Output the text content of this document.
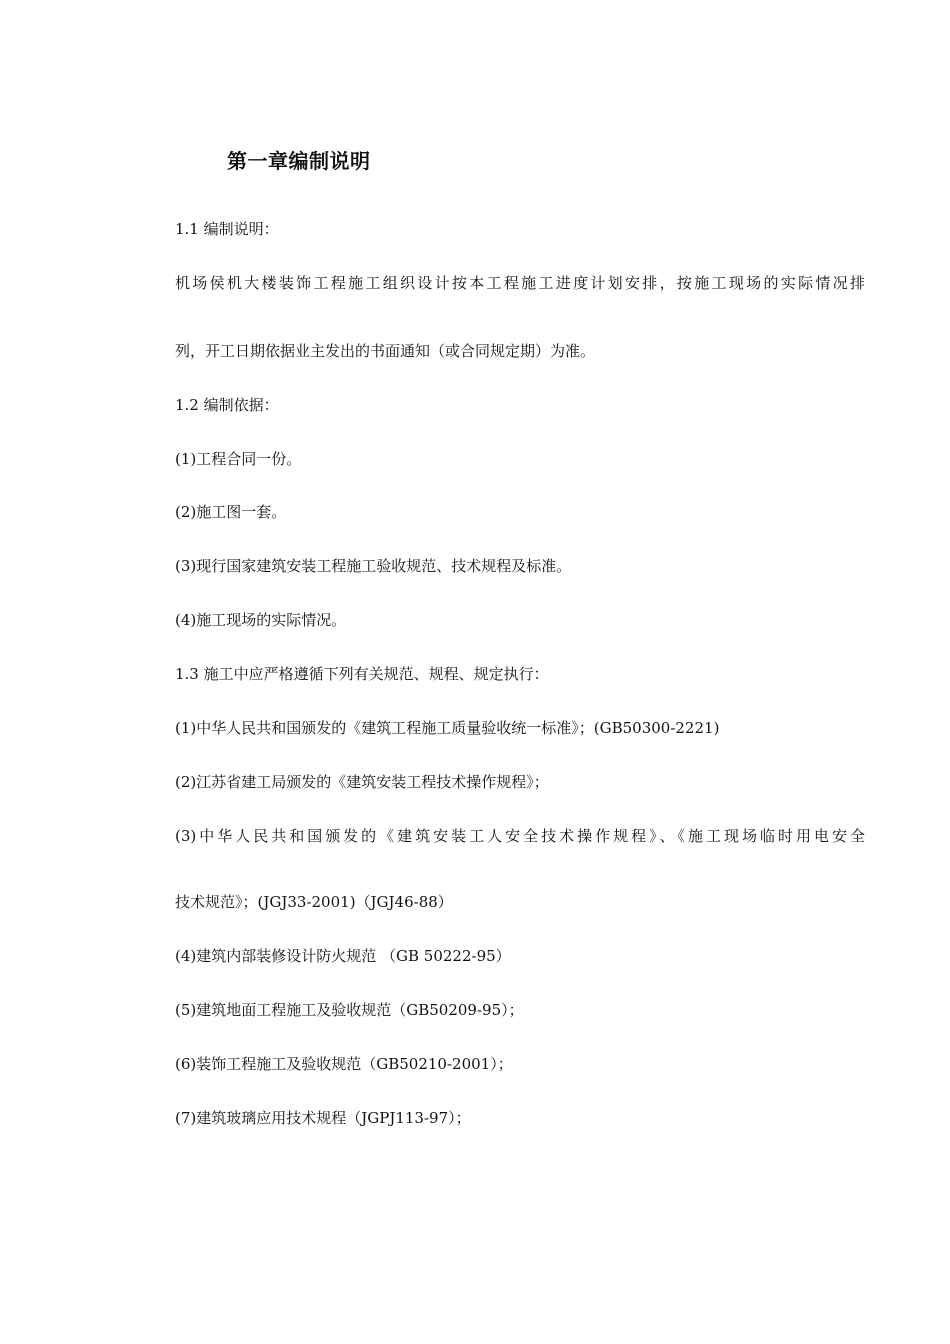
第一章编制说明

1.1 编制说明：

机场侯机大楼装饰工程施工组织设计按本工程施工进度计划安排，按施工现场的实际情况排

列，开工日期依据业主发出的书面通知（或合同规定期）为准。

1.2 编制依据：

(1)工程合同一份。

(2)施工图一套。

(3)现行国家建筑安装工程施工验收规范、技术规程及标准。

(4)施工现场的实际情况。

1.3 施工中应严格遵循下列有关规范、规程、规定执行：

(1)中华人民共和国颁发的《建筑工程施工质量验收统一标准》；(GB50300-2221)

(2)江苏省建工局颁发的《建筑安装工程技术操作规程》；

(3)中华人民共和国颁发的《建筑安装工人安全技术操作规程》、《施工现场临时用电安全

技术规范》；(JGJ33-2001)（JGJ46-88）

(4)建筑内部装修设计防火规范 （GB 50222-95）

(5)建筑地面工程施工及验收规范（GB50209-95）；

(6)装饰工程施工及验收规范（GB50210-2001）；

(7)建筑玻璃应用技术规程（JGPJ113-97）；
